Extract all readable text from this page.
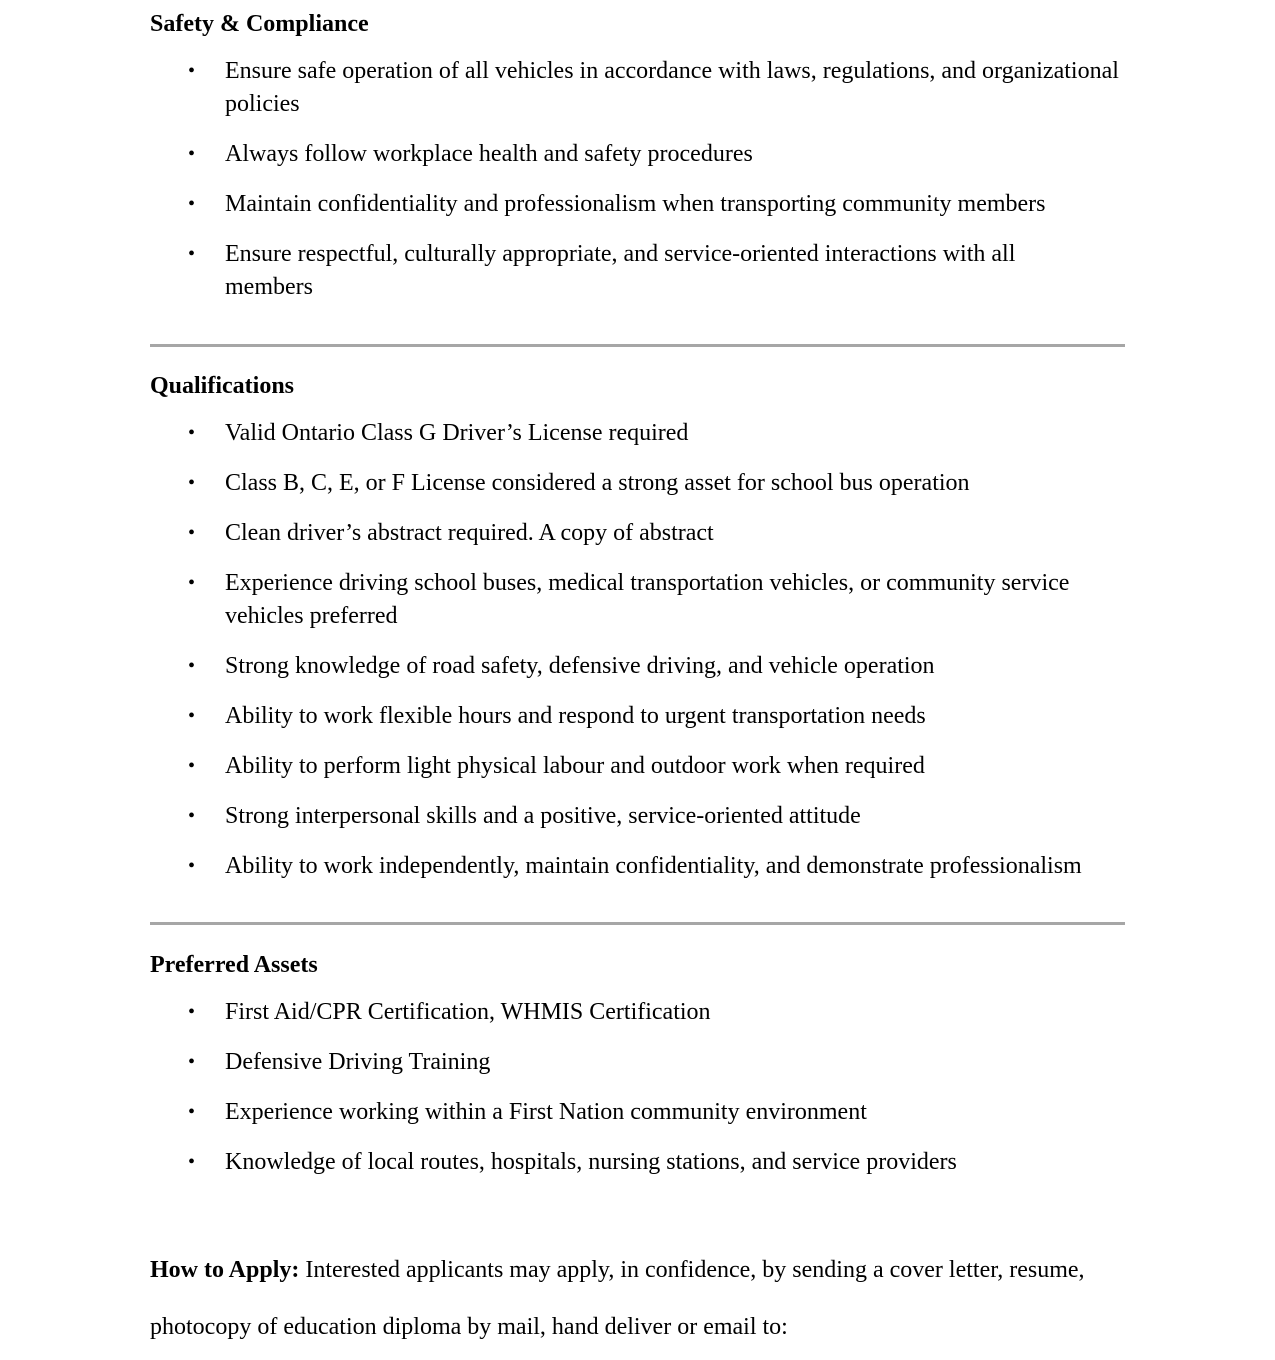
Safety & Compliance
• Ensure safe operation of all vehicles in accordance with laws, regulations, and organizational policies
• Always follow workplace health and safety procedures
• Maintain confidentiality and professionalism when transporting community members
• Ensure respectful, culturally appropriate, and service-oriented interactions with all members
Qualifications
• Valid Ontario Class G Driver’s License required
• Class B, C, E, or F License considered a strong asset for school bus operation
• Clean driver’s abstract required. A copy of abstract
• Experience driving school buses, medical transportation vehicles, or community service vehicles preferred
• Strong knowledge of road safety, defensive driving, and vehicle operation
• Ability to work flexible hours and respond to urgent transportation needs
• Ability to perform light physical labour and outdoor work when required
• Strong interpersonal skills and a positive, service-oriented attitude
• Ability to work independently, maintain confidentiality, and demonstrate professionalism
Preferred Assets
• First Aid/CPR Certification, WHMIS Certification
• Defensive Driving Training
• Experience working within a First Nation community environment
• Knowledge of local routes, hospitals, nursing stations, and service providers

How to Apply: Interested applicants may apply, in confidence, by sending a cover letter, resume, photocopy of education diploma by mail, hand deliver or email to:
